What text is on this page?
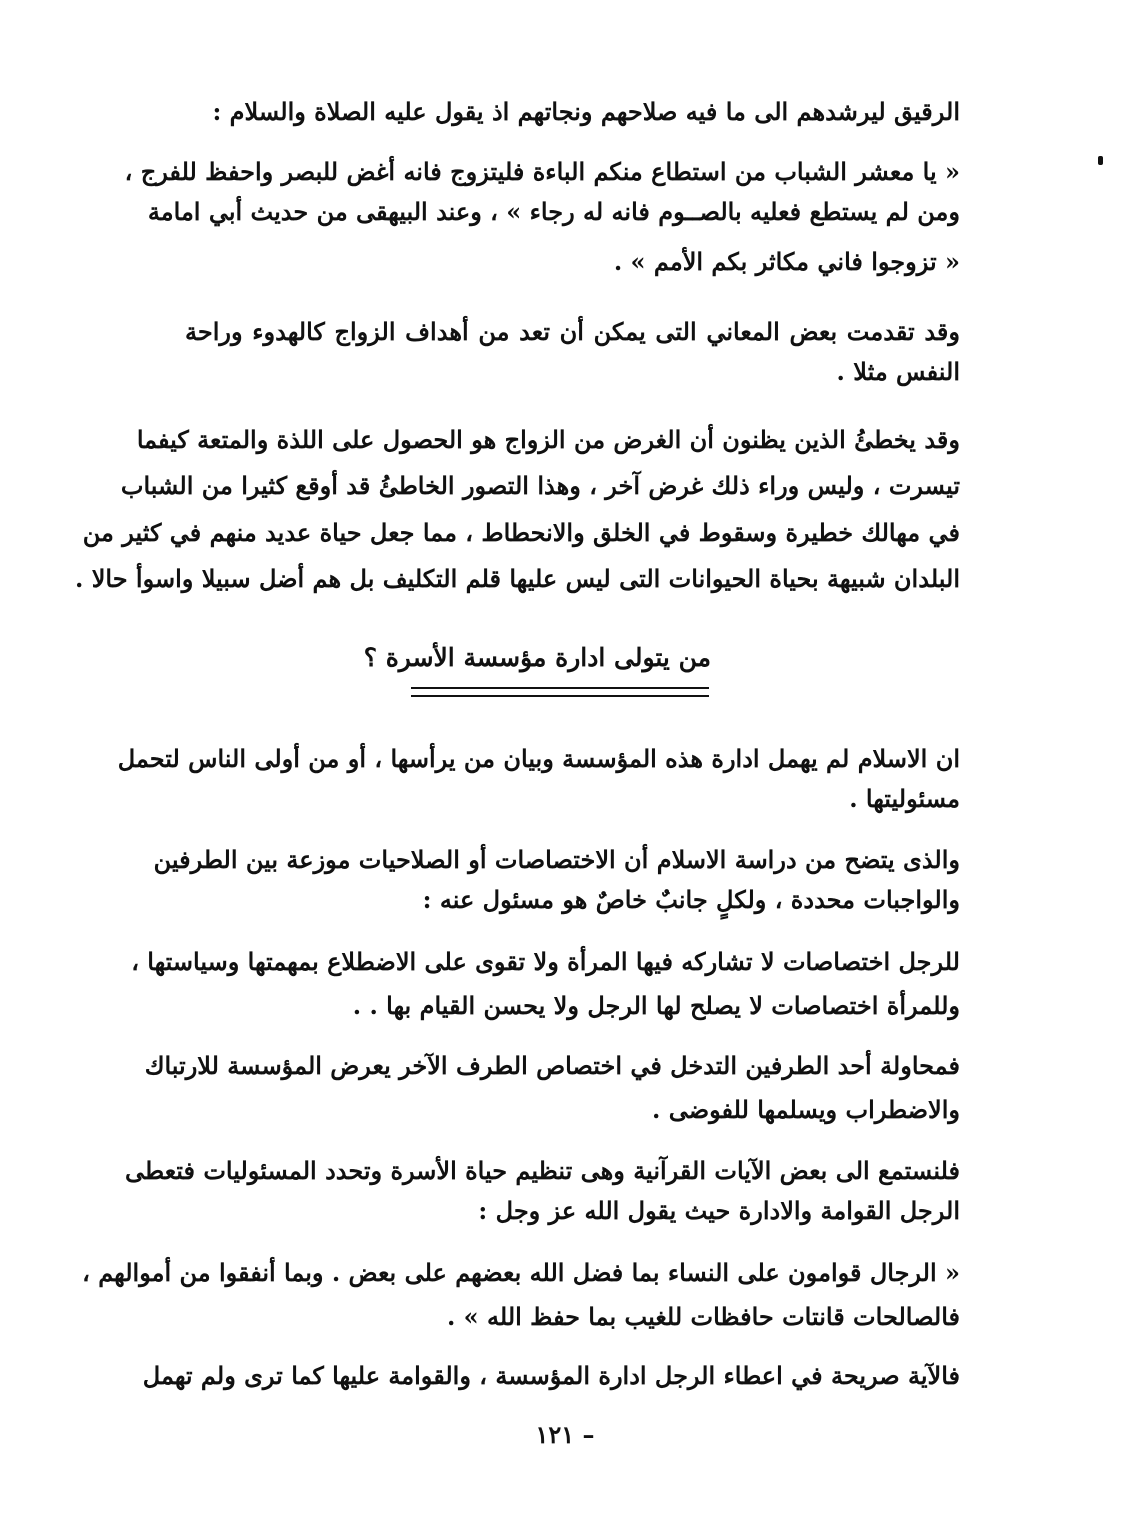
الرقيق ليرشدهم الى ما فيه صلاحهم ونجاتهم اذ يقول عليه الصلاة والسلام :
« يا معشر الشباب من استطاع منكم الباءة فليتزوج فانه أغض للبصر واحفظ للفرج ،
ومن لم يستطع فعليه بالصــوم فانه له رجاء » ، وعند البيهقى من حديث أبي امامة
« تزوجوا فاني مكاثر بكم الأمم » .
وقد تقدمت بعض المعاني التى يمكن أن تعد من أهداف الزواج كالهدوء وراحة
النفس مثلا .
وقد يخطئُ الذين يظنون أن الغرض من الزواج هو الحصول على اللذة والمتعة كيفما
تيسرت ، وليس وراء ذلك غرض آخر ، وهذا التصور الخاطئُ قد أوقع كثيرا من الشباب
في مهالك خطيرة وسقوط في الخلق والانحطاط ، مما جعل حياة عديد منهم في كثير من
البلدان شبيهة بحياة الحيوانات التى ليس عليها قلم التكليف بل هم أضل سبيلا واسوأ حالا .
من يتولى ادارة مؤسسة الأسرة ؟
ان الاسلام لم يهمل ادارة هذه المؤسسة وبيان من يرأسها ، أو من أولى الناس لتحمل
مسئوليتها .
والذى يتضح من دراسة الاسلام أن الاختصاصات أو الصلاحيات موزعة بين الطرفين
والواجبات محددة ، ولكلٍ جانبٌ خاصٌ هو مسئول عنه :
للرجل اختصاصات لا تشاركه فيها المرأة ولا تقوى على الاضطلاع بمهمتها وسياستها ،
وللمرأة اختصاصات لا يصلح لها الرجل ولا يحسن القيام بها . .
فمحاولة أحد الطرفين التدخل في اختصاص الطرف الآخر يعرض المؤسسة للارتباك
والاضطراب ويسلمها للفوضى .
فلنستمع الى بعض الآيات القرآنية وهى تنظيم حياة الأسرة وتحدد المسئوليات فتعطى
الرجل القوامة والادارة حيث يقول الله عز وجل :
« الرجال قوامون على النساء بما فضل الله بعضهم على بعض . وبما أنفقوا من أموالهم ،
فالصالحات قانتات حافظات للغيب بما حفظ الله » .
فالآية صريحة في اعطاء الرجل ادارة المؤسسة ، والقوامة عليها كما ترى ولم تهمل
– ١٢١
